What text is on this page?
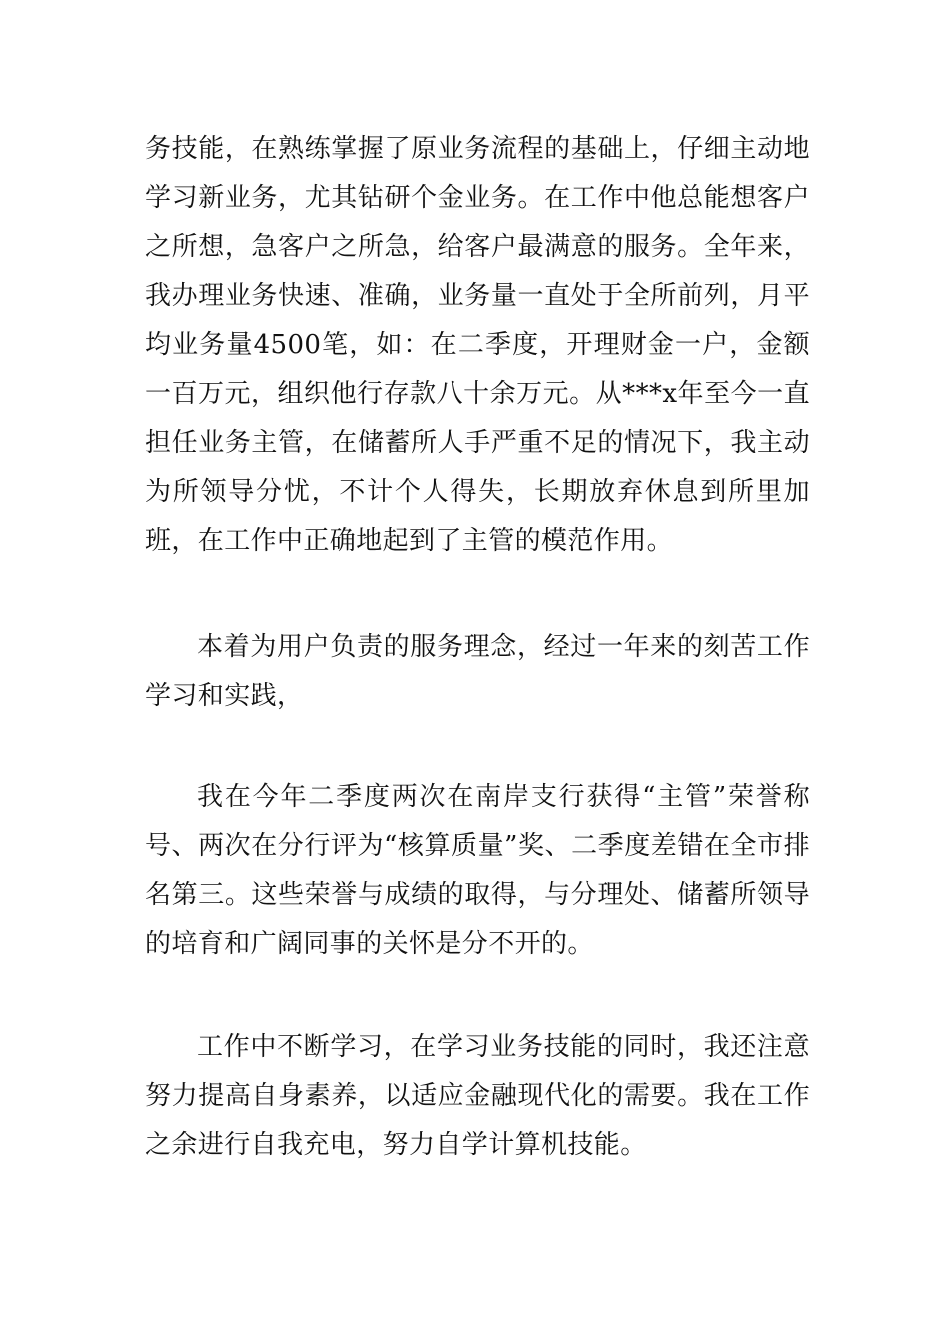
务技能，在熟练掌握了原业务流程的基础上，仔细主动地学习新业务，尤其钻研个金业务。在工作中他总能想客户之所想，急客户之所急，给客户最满意的服务。全年来，我办理业务快速、准确，业务量一直处于全所前列，月平均业务量4500笔，如：在二季度，开理财金一户，金额一百万元，组织他行存款八十余万元。从***x年至今一直担任业务主管，在储蓄所人手严重不足的情况下，我主动为所领导分忧，不计个人得失，长期放弃休息到所里加班，在工作中正确地起到了主管的模范作用。

本着为用户负责的服务理念，经过一年来的刻苦工作学习和实践，

我在今年二季度两次在南岸支行获得“主管”荣誉称号、两次在分行评为“核算质量”奖、二季度差错在全市排名第三。这些荣誉与成绩的取得，与分理处、储蓄所领导的培育和广阔同事的关怀是分不开的。

工作中不断学习，在学习业务技能的同时，我还注意努力提高自身素养，以适应金融现代化的需要。我在工作之余进行自我充电，努力自学计算机技能。
